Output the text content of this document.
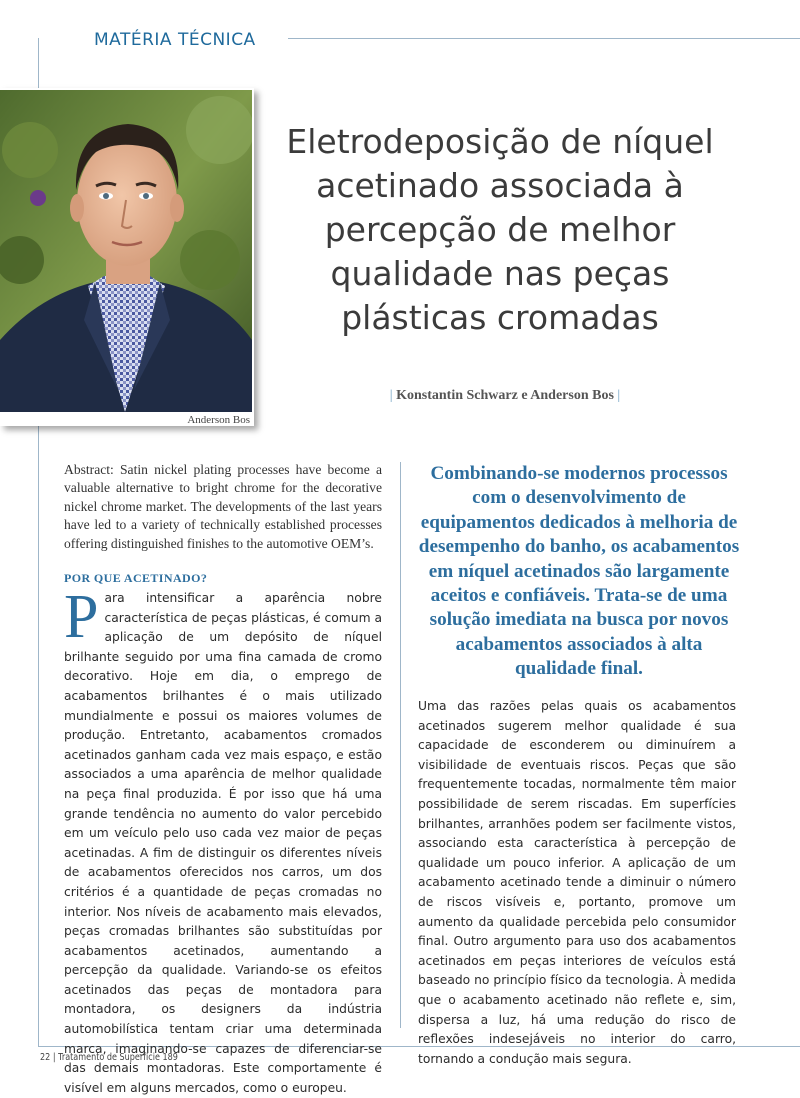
MATÉRIA TÉCNICA
Anderson Bos
Eletrodeposição de níquel acetinado associada à percepção de melhor qualidade nas peças plásticas cromadas
| Konstantin Schwarz e Anderson Bos |
Abstract: Satin nickel plating processes have become a valuable alternative to bright chrome for the decorative nickel chrome market. The developments of the last years have led to a variety of technically established processes offering distinguished finishes to the automotive OEM’s.
POR QUE ACETINADO?
P ara intensificar a aparência nobre característica de peças plásticas, é comum a aplicação de um depósito de níquel brilhante seguido por uma fina camada de cromo decorativo. Hoje em dia, o emprego de acabamentos brilhantes é o mais utilizado mundialmente e possui os maiores volumes de produção. Entretanto, acabamentos cromados acetinados ganham cada vez mais espaço, e estão associados a uma aparência de melhor qualidade na peça final produzida. É por isso que há uma grande tendência no aumento do valor percebido em um veículo pelo uso cada vez maior de peças acetinadas. A fim de distinguir os diferentes níveis de acabamentos oferecidos nos carros, um dos critérios é a quantidade de peças cromadas no interior. Nos níveis de acabamento mais elevados, peças cromadas brilhantes são substituídas por acabamentos acetinados, aumentando a percepção da qualidade. Variando-se os efeitos acetinados das peças de montadora para montadora, os designers da indústria automobilística tentam criar uma determinada marca, imaginando-se capazes de diferenciar-se das demais montadoras. Este comportamente é visível em alguns mercados, como o europeu.
Combinando-se modernos processos com o desenvolvimento de equipamentos dedicados à melhoria de desempenho do banho, os acabamentos em níquel acetinados são largamente aceitos e confiáveis. Trata-se de uma solução imediata na busca por novos acabamentos associados à alta qualidade final.
Uma das razões pelas quais os acabamentos acetinados sugerem melhor qualidade é sua capacidade de esconderem ou diminuírem a visibilidade de eventuais riscos. Peças que são frequentemente tocadas, normalmente têm maior possibilidade de serem riscadas. Em superfícies brilhantes, arranhões podem ser facilmente vistos, associando esta característica à percepção de qualidade um pouco inferior. A aplicação de um acabamento acetinado tende a diminuir o número de riscos visíveis e, portanto, promove um aumento da qualidade percebida pelo consumidor final. Outro argumento para uso dos acabamentos acetinados em peças interiores de veículos está baseado no princípio físico da tecnologia. À medida que o acabamento acetinado não reflete e, sim, dispersa a luz, há uma redução do risco de reflexões indesejáveis no interior do carro, tornando a condução mais segura.
22 | Tratamento de Superfície 189
